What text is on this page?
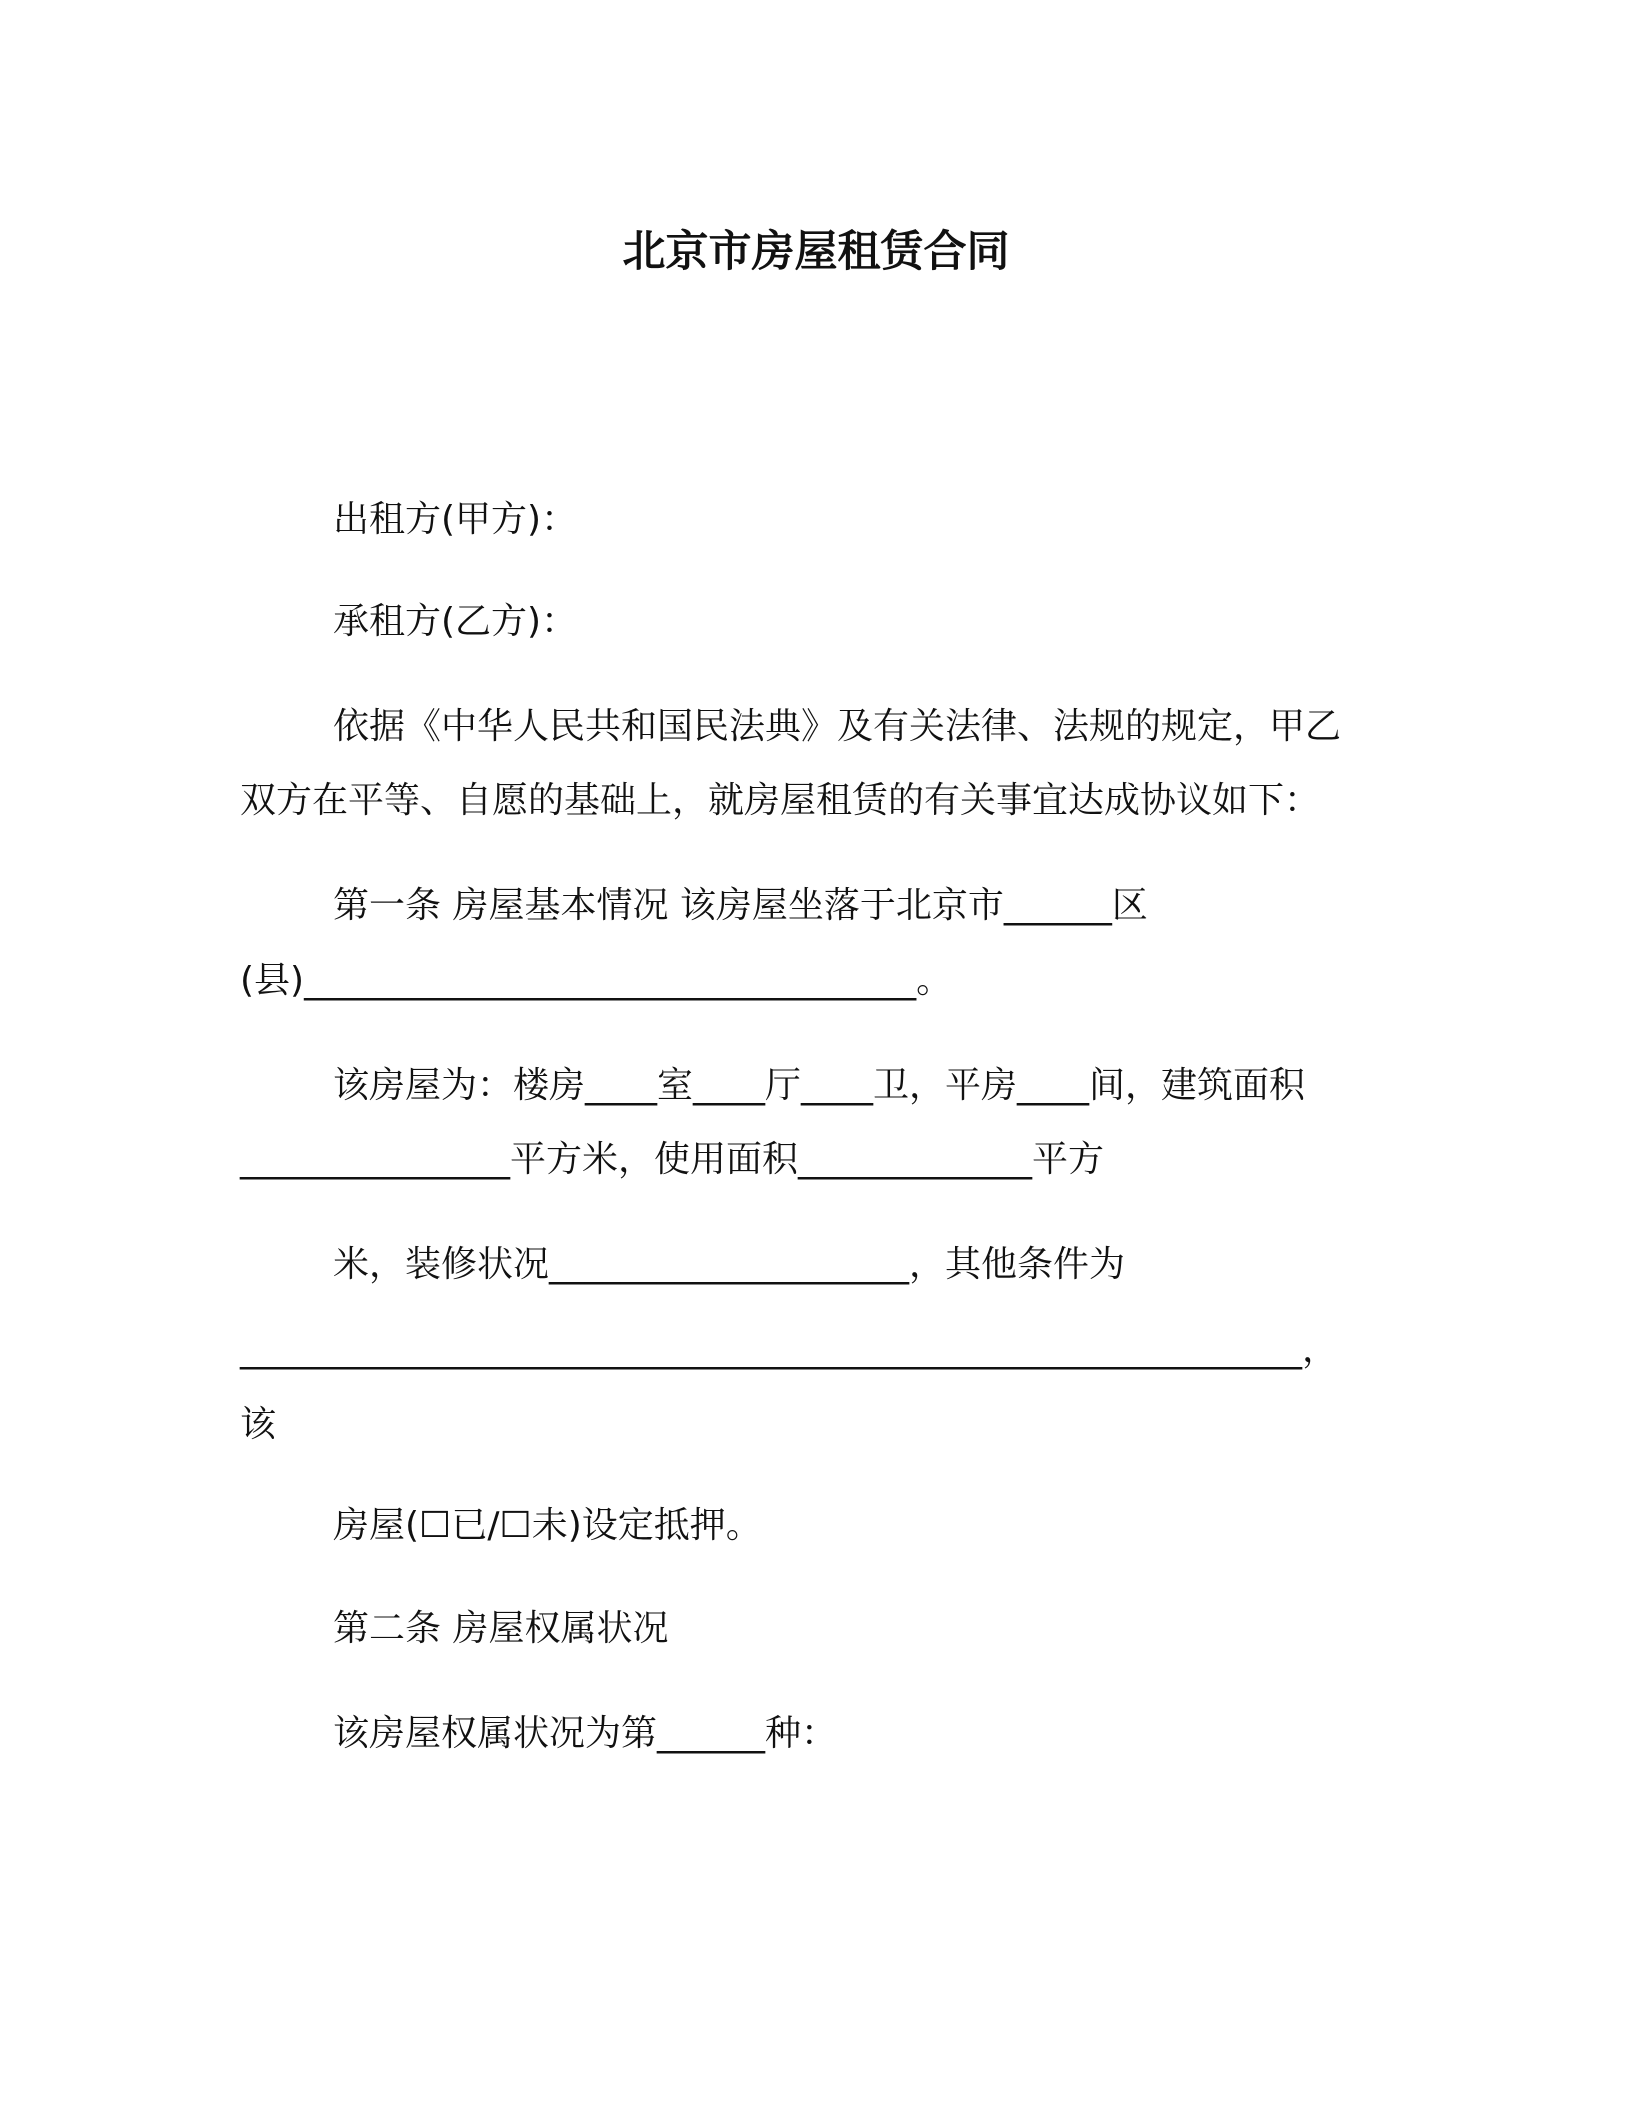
北京市房屋租赁合同
出租方(甲方)：
承租方(乙方)：
依据《中华人民共和国民法典》及有关法律、法规的规定，甲乙
双方在平等、自愿的基础上，就房屋租赁的有关事宜达成协议如下：
第一条 房屋基本情况 该房屋坐落于北京市______区
(县)__________________________________。
该房屋为：楼房____室____厅____卫，平房____间，建筑面积
_______________平方米，使用面积_____________平方
米，装修状况____________________，其他条件为
___________________________________________________________，
该
房屋(☐已/☐未)设定抵押。
第二条 房屋权属状况
该房屋权属状况为第______种：
